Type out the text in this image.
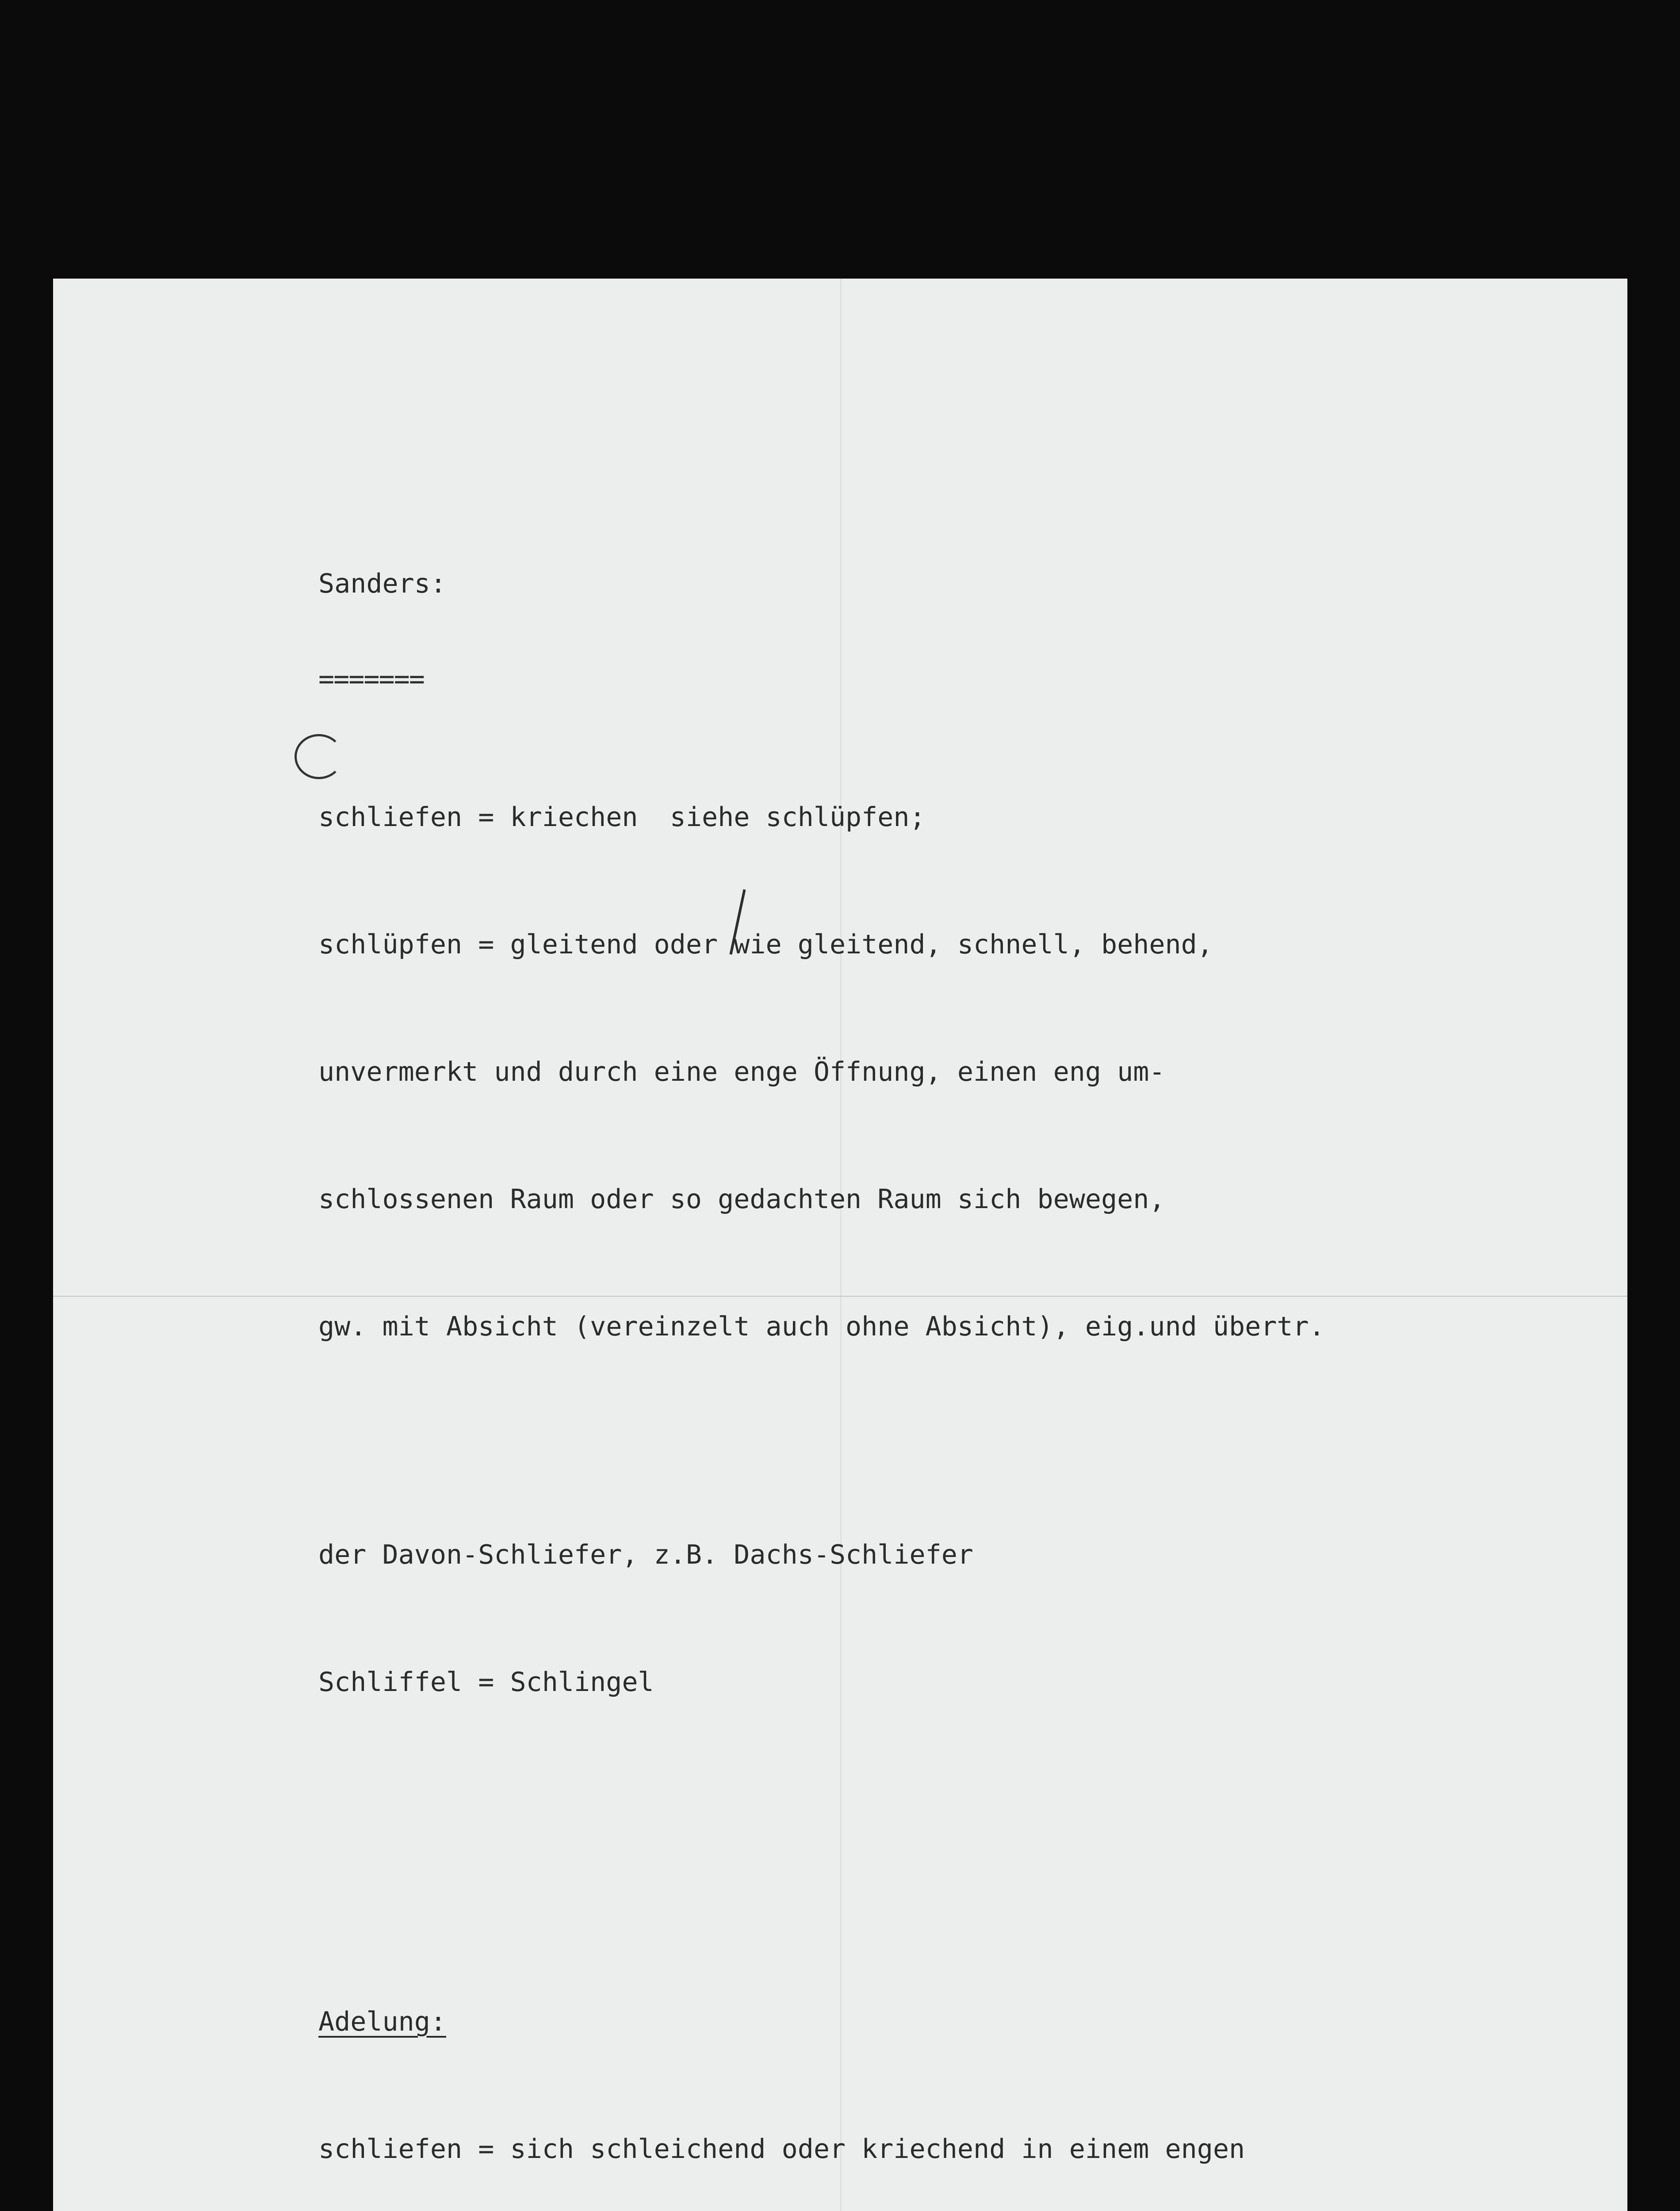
Sanders:

=======

schliefen = kriechen  siehe schlüpfen;

schlüpfen = gleitend oder wie gleitend, schnell, behend,

unvermerkt und durch eine enge Öffnung, einen eng um-

schlossenen Raum oder so gedachten Raum sich bewegen,

gw. mit Absicht (vereinzelt auch ohne Absicht), eig.und übertr.

der Davon-Schliefer, z.B. Dachs-Schliefer

Schliffel = Schlingel

Adelung:

schliefen = sich schleichend oder kriechend in einem engen
